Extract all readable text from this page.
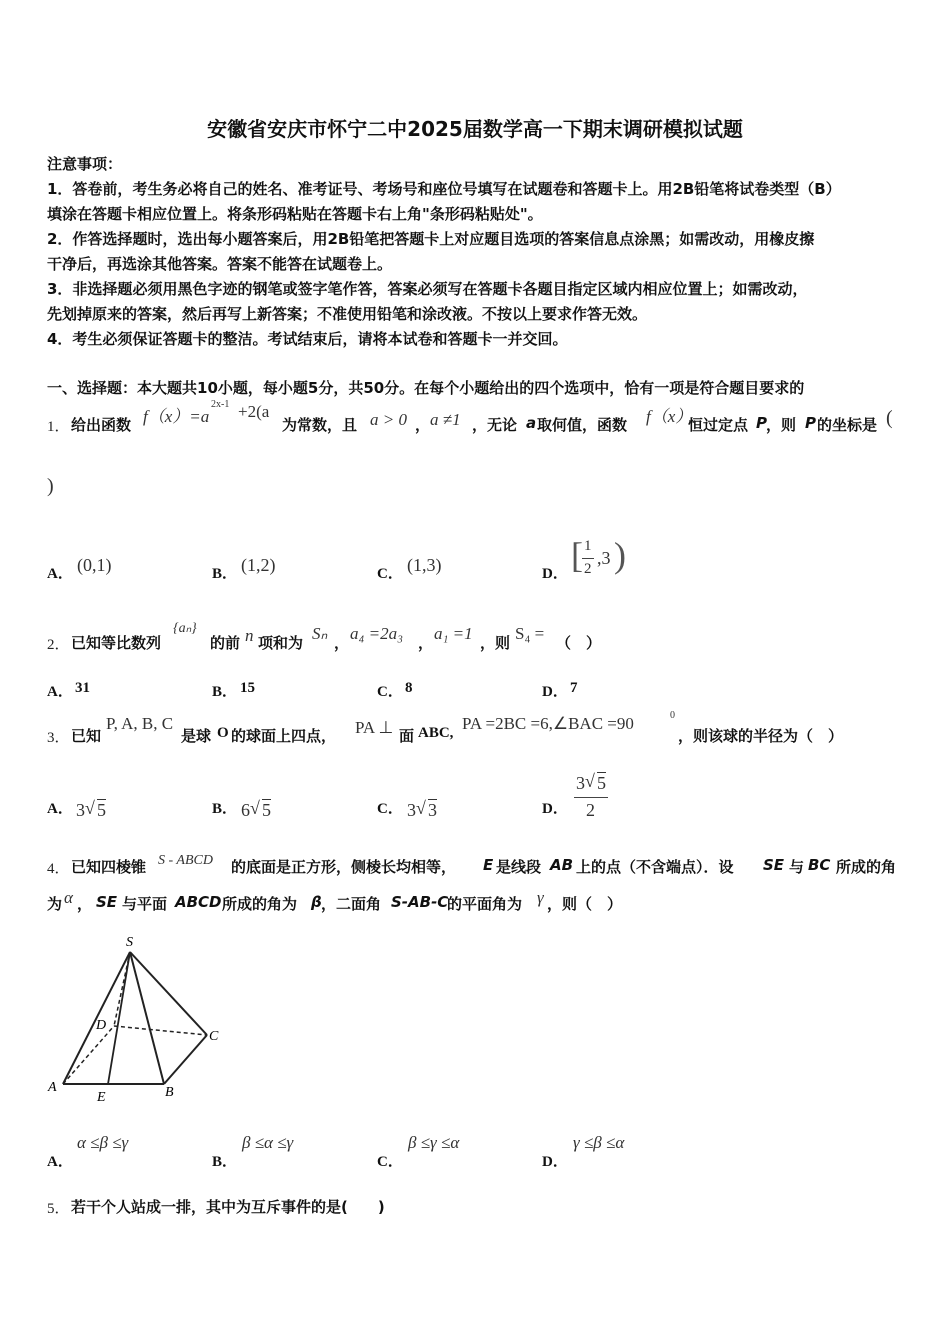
安徽省安庆市怀宁二中2025届数学高一下期末调研模拟试题
注意事项：
1．答卷前，考生务必将自己的姓名、准考证号、考场号和座位号填写在试题卷和答题卡上。用2B铅笔将试卷类型（B）
填涂在答题卡相应位置上。将条形码粘贴在答题卡右上角"条形码粘贴处"。
2．作答选择题时，选出每小题答案后，用2B铅笔把答题卡上对应题目选项的答案信息点涂黑；如需改动，用橡皮擦
干净后，再选涂其他答案。答案不能答在试题卷上。
3．非选择题必须用黑色字迹的钢笔或签字笔作答，答案必须写在答题卡各题目指定区域内相应位置上；如需改动，
先划掉原来的答案，然后再写上新答案；不准使用铅笔和涂改液。不按以上要求作答无效。
4．考生必须保证答题卡的整洁。考试结束后，请将本试卷和答题卡一并交回。
一、选择题：本大题共10小题，每小题5分，共50分。在每个小题给出的四个选项中，恰有一项是符合题目要求的
1． 给出函数 f（x）=a
2x-1 +2(a
为常数，且 a > 0 ， a ≠1 ，无论 a 取何值，函数 f（x）
恒过定点 P ，则 P 的坐标是 (
)
A． (0,1)	B． (1,2)	C． (1,3)	D． [ 1
2
,3 )
2． 已知等比数列
{aₙ}
的前 n 项和为 Sₙ ， a₄ =2a₃ ， a₁ =1 ，则 S₄ = （　）
A． 31	B． 15	C． 8	D． 7
3． 已知
P, A, B, C
是球 O 的球面上四点， PA ⊥ 面 ABC, PA =2BC =6,∠BAC =90	0
，则该球的半径为（　）
A． 3 √ 5	B． 6 √ 5	C． 3 √ 3	D．
3 √ 5
2
4． 已知四棱锥 S - ABCD 的底面是正方形，侧棱长均相等， E 是线段 AB 上的点（不含端点）．设 SE 与 BC 所成的角
为 α ， SE 与平面 ABCD 所成的角为 β ，二面角 S-AB-C
的平面角为 γ ，则（　）
S
A	B
C
D
E
A．
α ≤β ≤γ
B．
β ≤α ≤γ
C．
β ≤γ ≤α
D．
γ ≤β ≤α
5． 若干个人站成一排，其中为互斥事件的是(　　)
